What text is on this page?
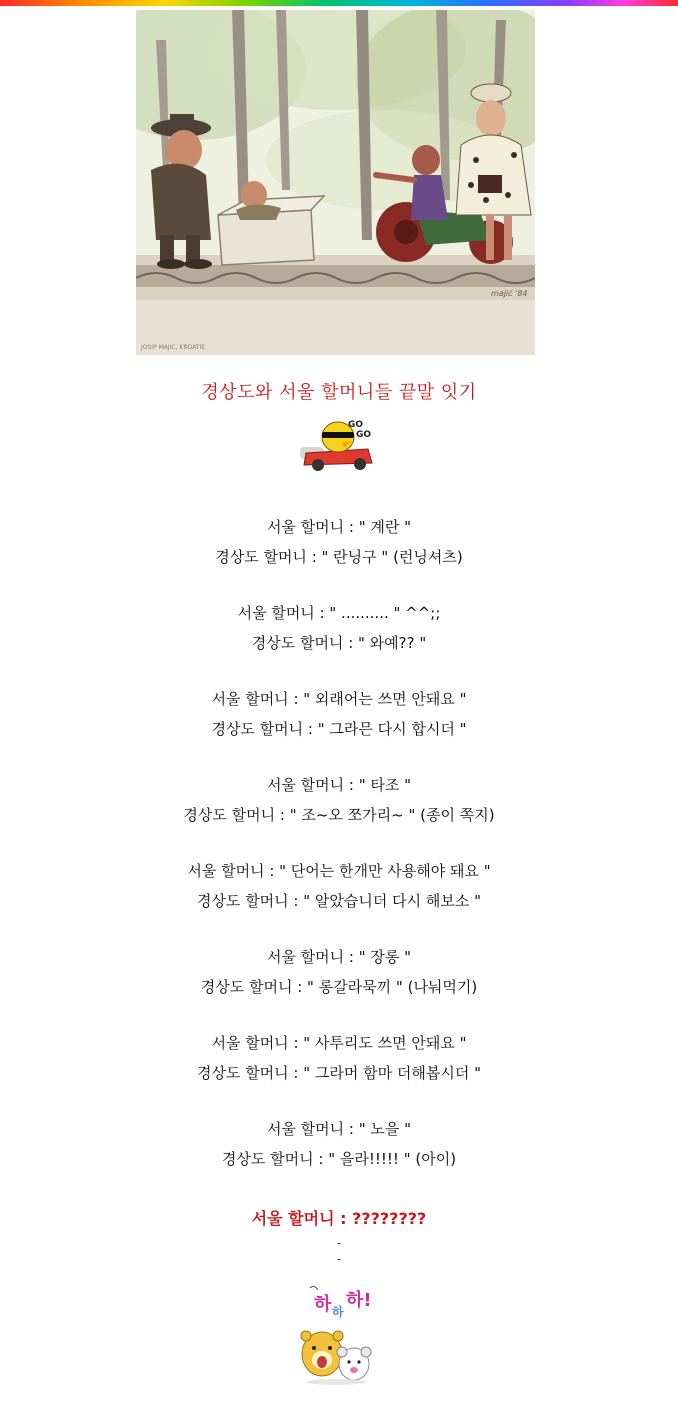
JOSIP MAJIC, KROATIE
majić '84
경상도와 서울 할머니들 끝말 잇기
GO
GO
서울 할머니 : " 계란 "
경상도 할머니 : " 란닝구 " (런닝셔츠)
서울 할머니 : " .......... " ^^;;
경상도 할머니 : " 와예?? "
서울 할머니 : " 외래어는 쓰면 안돼요 "
경상도 할머니 : " 그라믄 다시 합시더 "
서울 할머니 : " 타조 "
경상도 할머니 : " 조~오 쪼가리~ " (종이 쪽지)
서울 할머니 : " 단어는 한개만 사용해야 돼요 "
경상도 할머니 : " 알았습니더 다시 해보소 "
서울 할머니 : " 장롱 "
경상도 할머니 : " 롱갈라묵끼 " (나눠먹기)
서울 할머니 : " 사투리도 쓰면 안돼요 "
경상도 할머니 : " 그라머 함마 더해봅시더 "
서울 할머니 : " 노을 "
경상도 할머니 : " 을라!!!!! " (아이)
서울 할머니 : ????????
-
-
하 하
하!
